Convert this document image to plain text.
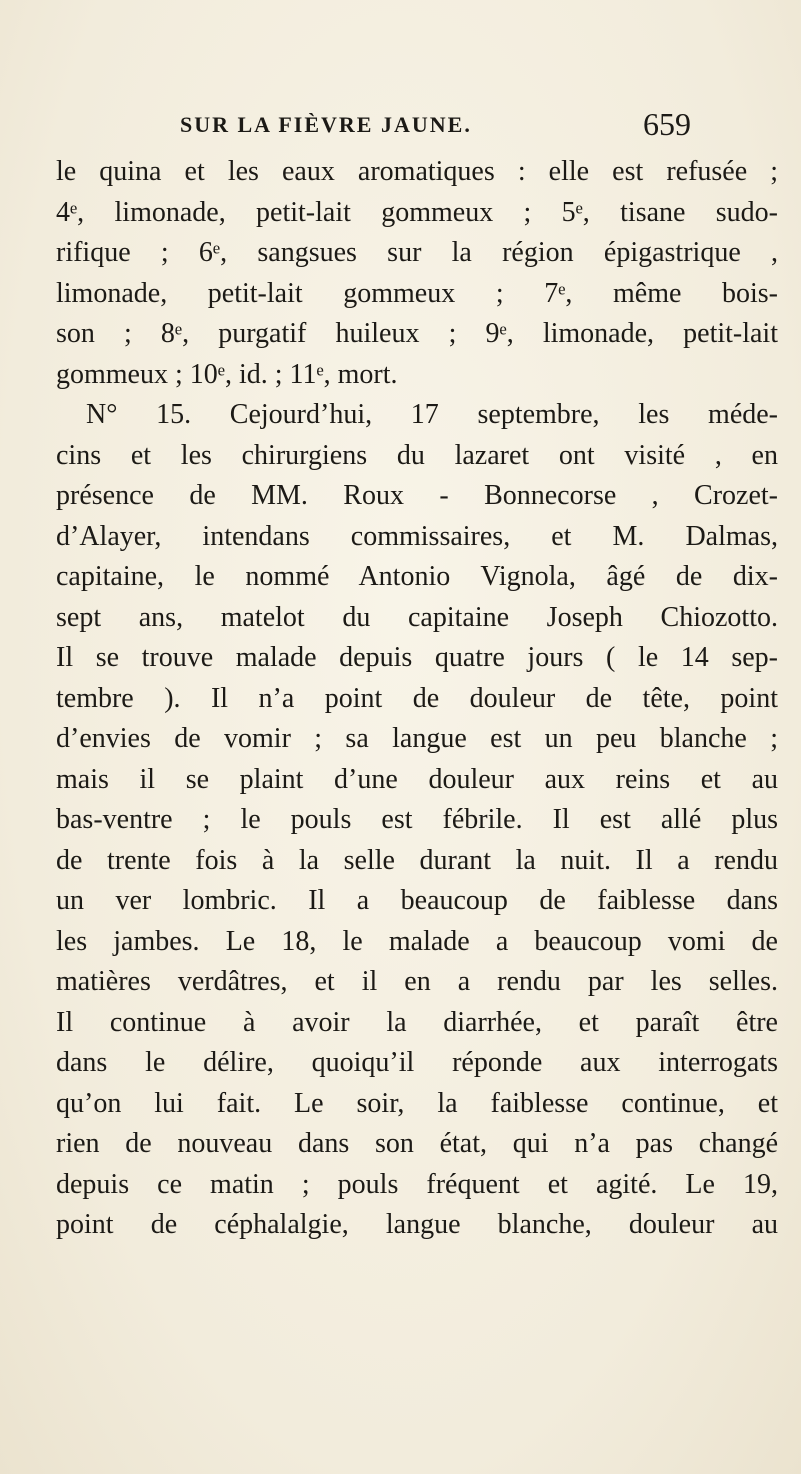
SUR LA FIÈVRE JAUNE.	659
le quina et les eaux aromatiques : elle est refusée ;
4ᵉ, limonade, petit-lait gommeux ; 5ᵉ, tisane sudo-
rifique ; 6ᵉ, sangsues sur la région épigastrique ,
limonade, petit-lait gommeux ; 7ᵉ, même bois-
son ; 8ᵉ, purgatif huileux ; 9ᵉ, limonade, petit-lait
gommeux ; 10ᵉ, id. ; 11ᵉ, mort.
N° 15. Cejourd’hui, 17 septembre, les méde-
cins et les chirurgiens du lazaret ont visité , en
présence de MM. Roux - Bonnecorse , Crozet-
d’Alayer, intendans commissaires, et M. Dalmas,
capitaine, le nommé Antonio Vignola, âgé de dix-
sept ans, matelot du capitaine Joseph Chiozotto.
Il se trouve malade depuis quatre jours ( le 14 sep-
tembre ). Il n’a point de douleur de tête, point
d’envies de vomir ; sa langue est un peu blanche ;
mais il se plaint d’une douleur aux reins et au
bas-ventre ; le pouls est fébrile. Il est allé plus
de trente fois à la selle durant la nuit. Il a rendu
un ver lombric. Il a beaucoup de faiblesse dans
les jambes. Le 18, le malade a beaucoup vomi de
matières verdâtres, et il en a rendu par les selles.
Il continue à avoir la diarrhée, et paraît être
dans le délire, quoiqu’il réponde aux interrogats
qu’on lui fait. Le soir, la faiblesse continue, et
rien de nouveau dans son état, qui n’a pas changé
depuis ce matin ; pouls fréquent et agité. Le 19,
point de céphalalgie, langue blanche, douleur au
